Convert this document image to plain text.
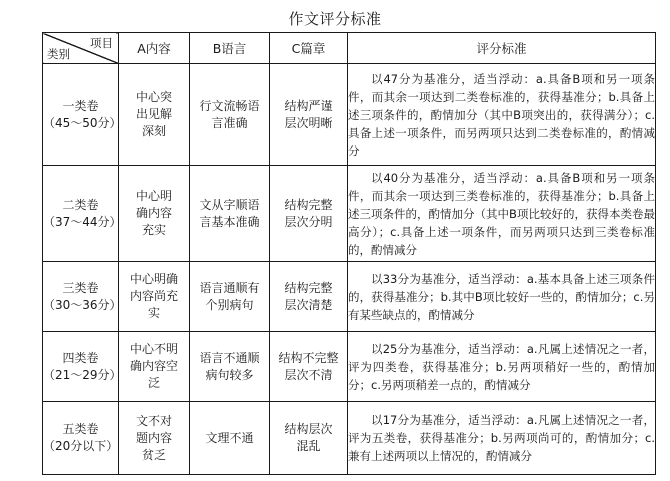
作文评分标准
项目
类别	A内容	B语言	C篇章	评分标准

一类卷
（45～50分）	中心突出见解深刻	行文流畅语言准确	结构严谨层次明晰	以47分为基准分，适当浮动：a.具备B项和另一项条件，而其余一项达到二类卷标准的，获得基准分；b.具备上述三项条件的，酌情加分（其中B项突出的，获得满分）；c.具备上述一项条件，而另两项只达到二类卷标准的，酌情减分

二类卷
（37～44分）	中心明确内容充实	文从字顺语言基本准确	结构完整层次分明	以40分为基准分，适当浮动：a.具备B项和另一项条件，而其余一项达到三类卷标准的，获得基准分；b.具备上述三项条件的，酌情加分（其中B项比较好的，获得本类卷最高分）；c.具备上述一项条件，而另两项只达到三类卷标准的，酌情减分

三类卷
（30～36分）	中心明确内容尚充实	语言通顺有个别病句	结构完整层次清楚	以33分为基准分，适当浮动：a.基本具备上述三项条件的，获得基准分；b.其中B项比较好一些的，酌情加分；c.另有某些缺点的，酌情减分

四类卷
（21～29分）	中心不明确内容空泛	语言不通顺病句较多	结构不完整层次不清	以25分为基准分，适当浮动：a.凡属上述情况之一者，评为四类卷，获得基准分；b.另两项稍好一些的，酌情加分；c.另两项稍差一点的，酌情减分

五类卷
（20分以下）	文不对题内容贫乏	文理不通	结构层次混乱	以17分为基准分，适当浮动：a.凡属上述情况之一者，评为五类卷，获得基准分；b.另两项尚可的，酌情加分；c.兼有上述两项以上情况的，酌情减分
